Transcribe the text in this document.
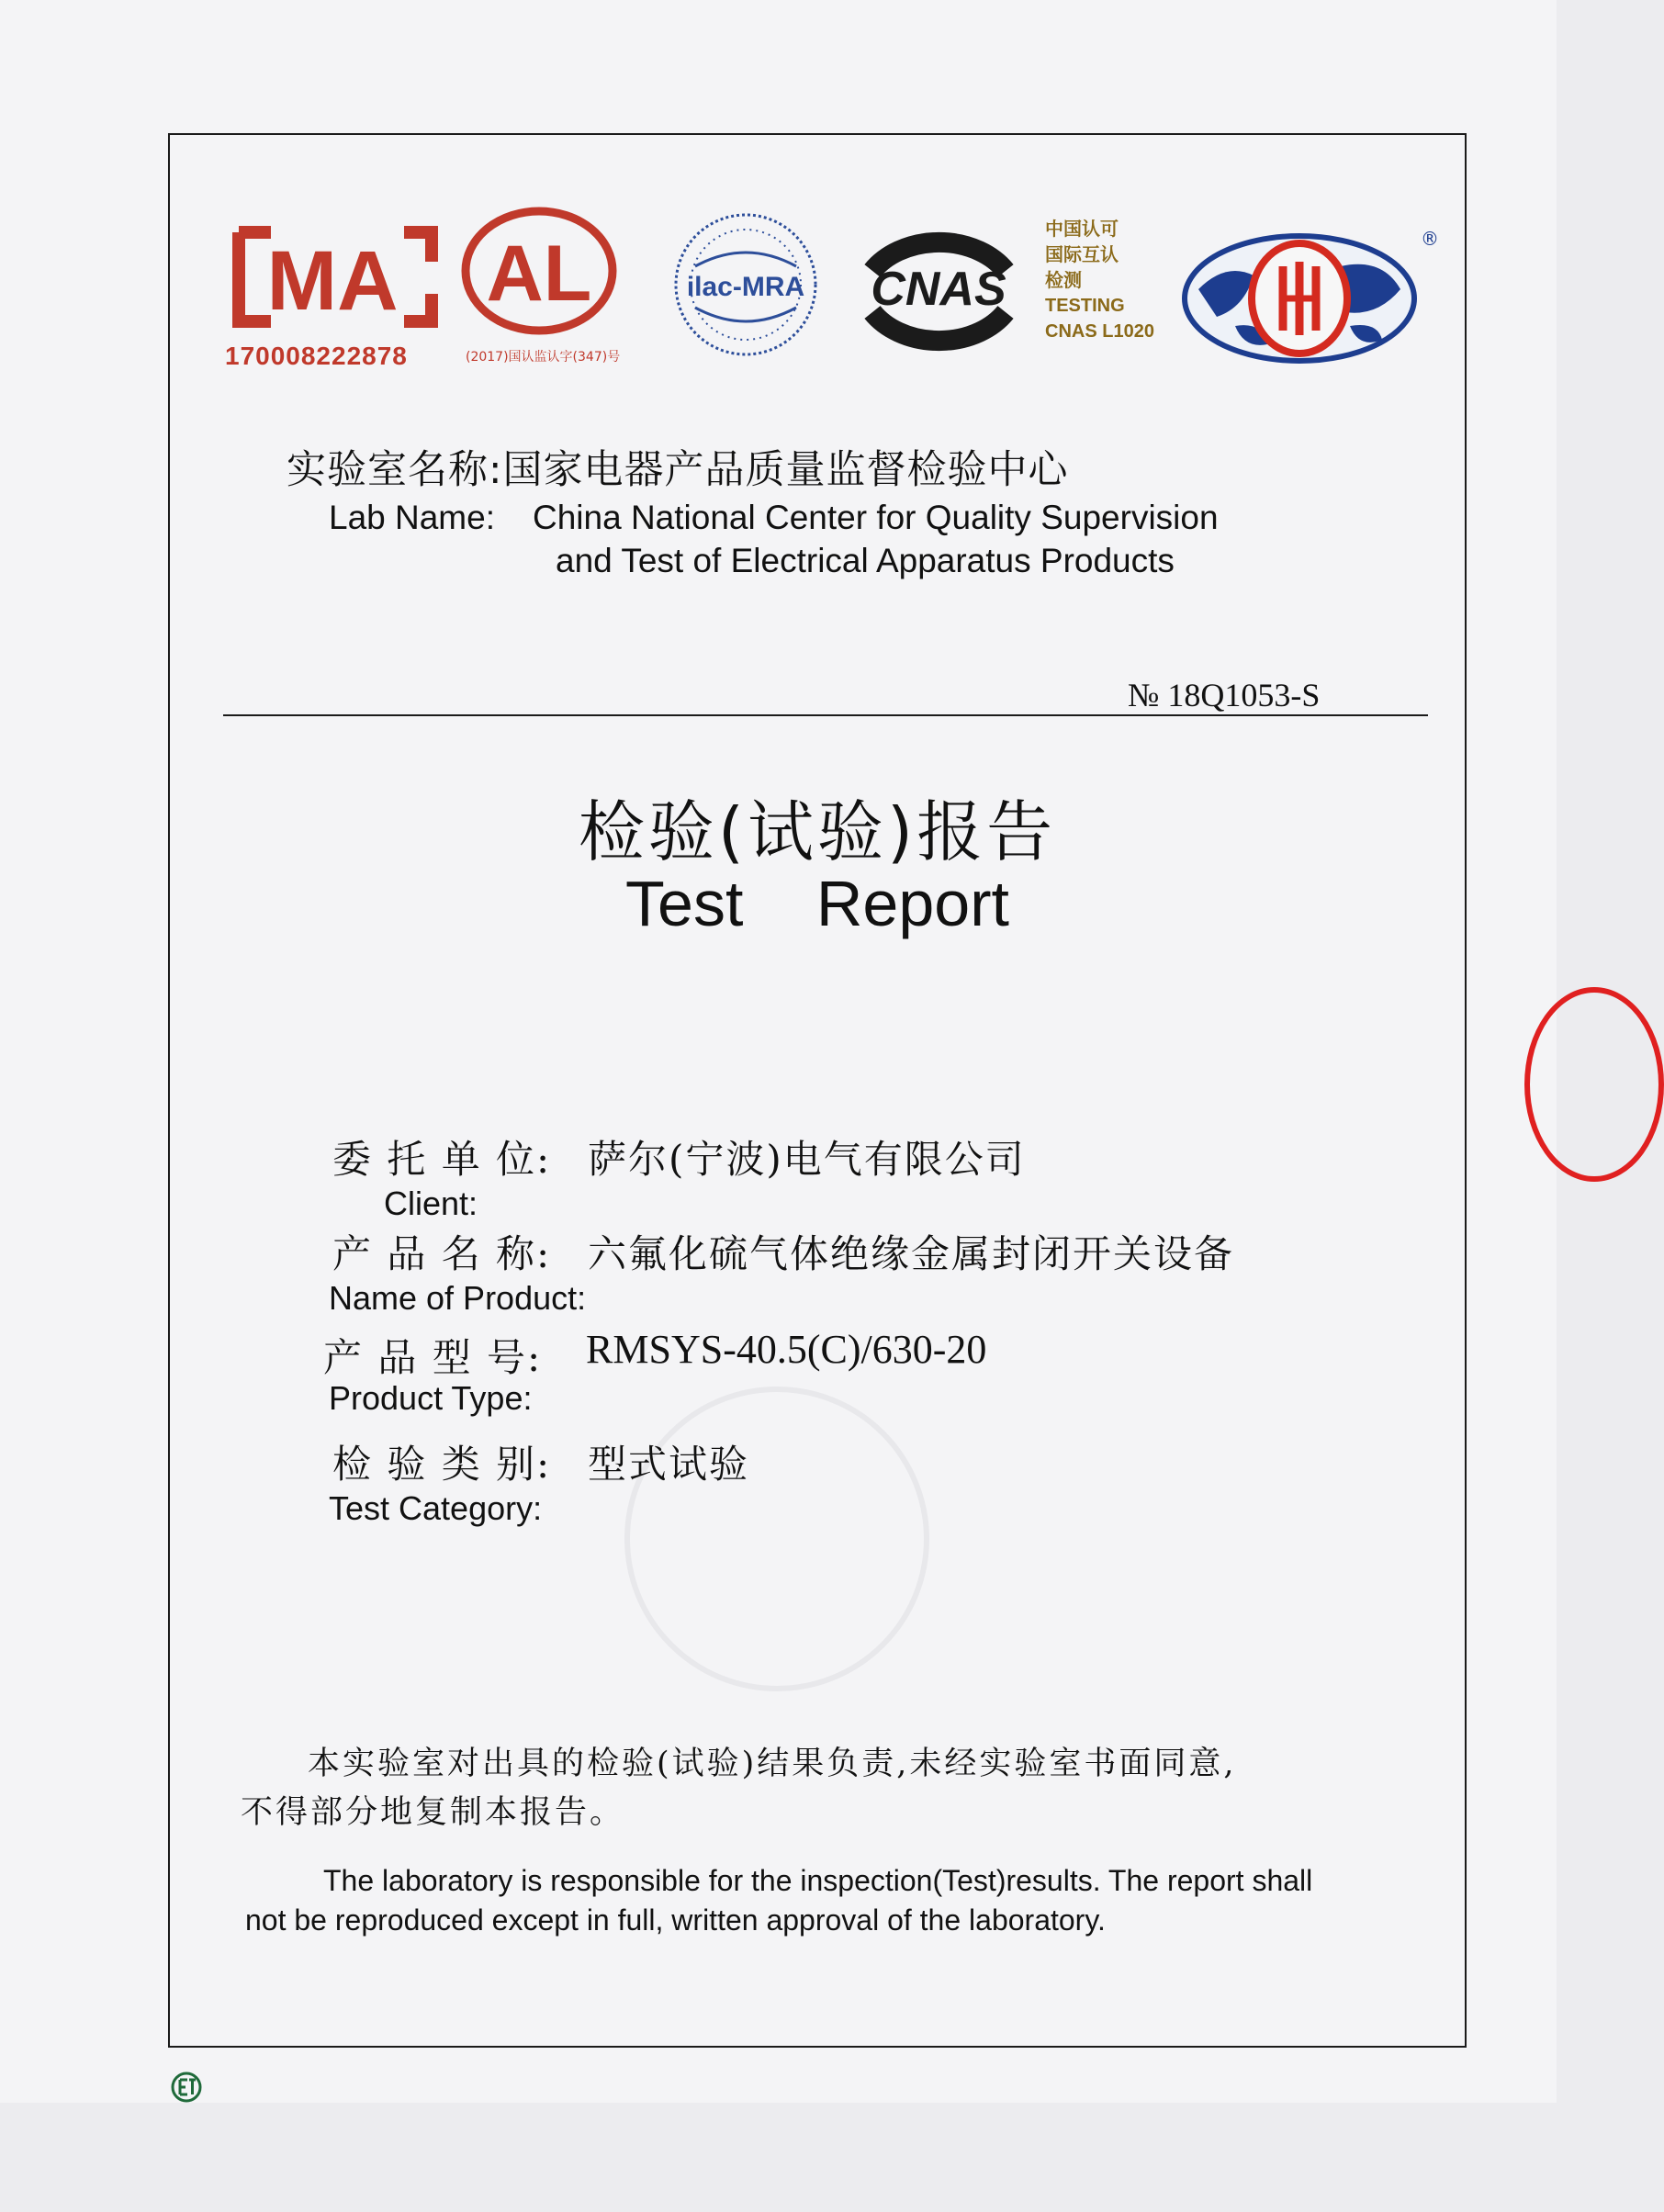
MA
170008222878
AL
(2017)国认监认字(347)号
ilac-MRA CNAS
中国认可
国际互认
检测
TESTING
CNAS L1020
®
实验室名称:国家电器产品质量监督检验中心
Lab Name: China National Center for Quality Supervision
and Test of Electrical Apparatus Products
№ 18Q1053-S
检验(试验)报告
Test Report
委 托 单 位: 萨尔(宁波)电气有限公司
Client:
产 品 名 称: 六氟化硫气体绝缘金属封闭开关设备
Name of Product:
产 品 型 号: RMSYS-40.5(C)/630-20
Product Type:
检 验 类 别: 型式试验
Test Category:
本实验室对出具的检验(试验)结果负责,未经实验室书面同意,
不得部分地复制本报告。
The laboratory is responsible for the inspection(Test)results. The report shall
not be reproduced except in full, written approval of the laboratory.
